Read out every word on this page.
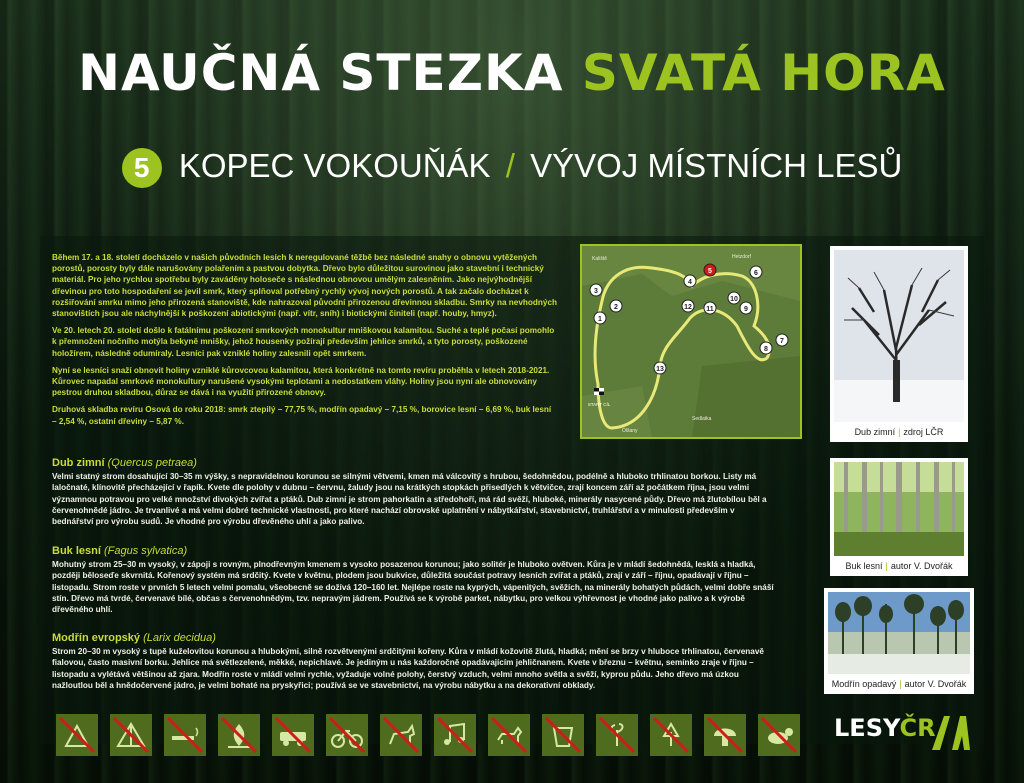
NAUČNÁ STEZKA SVATÁ HORA
5 KOPEC VOKOUŇÁK / VÝVOJ MÍSTNÍCH LESŮ

Během 17. a 18. století docházelo v našich původních lesích k neregulované těžbě bez následné snahy o obnovu vytěžených porostů, porosty byly dále narušovány polařením a pastvou dobytka. Dřevo bylo důležitou surovinou jako stavební i technický materiál. Pro jeho rychlou spotřebu byly zaváděny holoseče s následnou obnovou umělým zalesněním. Jako nejvýhodnější dřevinou pro toto hospodaření se jevil smrk, který splňoval potřebný rychlý vývoj nových porostů. A tak začalo docházet k rozšiřování smrku mimo jeho přirozená stanoviště, kde nahrazoval původní přirozenou dřevinnou skladbu. Smrky na nevhodných stanovištích jsou ale náchylnější k poškození abiotickými (např. vítr, sníh) i biotickými činiteli (např. houby, hmyz).

Ve 20. letech 20. století došlo k fatálnímu poškození smrkových monokultur mniškovou kalamitou. Suché a teplé počasí pomohlo k přemnožení nočního motýla bekyně mnišky, jehož housenky požírají především jehlice smrků, a tyto porosty, poškozené holožírem, následně odumíraly. Lesníci pak vzniklé holiny zalesnili opět smrkem.

Nyní se lesníci snaží obnovit holiny vzniklé kůrovcovou kalamitou, která konkrétně na tomto revíru proběhla v letech 2018-2021. Kůrovec napadal smrkové monokultury narušené vysokými teplotami a nedostatkem vláhy. Holiny jsou nyní ale obnovovány pestrou druhou skladbou, důraz se dává i na využití přirozené obnovy.

Druhová skladba revíru Osová do roku 2018: smrk ztepilý – 77,75 %, modřín opadavý – 7,15 %, borovice lesní – 6,69 %, buk lesní – 2,54 %, ostatní dřeviny – 5,87 %.

1
2
3
4
5	6
7
8
9
10
11
12
13
START CÍL
Kaliště	Hetzdorf
Olšany
Sedlatka
Dub zimní (Quercus petraea)

Velmi statný strom dosahující 30–35 m výšky, s nepravidelnou korunou se silnými větvemi, kmen má válcovitý s hrubou, šedohnědou, podélně a hluboko trhlinatou borkou. Listy má laločnaté, klínovitě přecházející v řapík. Kvete dle polohy v dubnu – červnu, žaludy jsou na krátkých stopkách přisedlých k větvičce, zrají koncem září až počátkem října, jsou velmi významnou potravou pro velké množství divokých zvířat a ptáků. Dub zimní je strom pahorkatin a středohoří, má rád svěží, hluboké, minerály nasycené půdy. Dřevo má žlutobílou běl a červenohnědé jádro. Je trvanlivé a má velmi dobré technické vlastnosti, pro které nachází obrovské uplatnění v nábytkářství, stavebnictví, truhlářství a v minulosti především v bednářství pro výrobu sudů. Je vhodné pro výrobu dřevěného uhlí a jako palivo.

Buk lesní (Fagus sylvatica)

Mohutný strom 25–30 m vysoký, v zápoji s rovným, plnodřevným kmenem s vysoko posazenou korunou; jako solitér je hluboko ovětven. Kůra je v mládí šedohnědá, lesklá a hladká, později běloseďe skvrnitá. Kořenový systém má srdčitý. Kvete v květnu, plodem jsou bukvice, důležitá součást potravy lesních zvířat a ptáků, zrají v září – říjnu, opadávají v říjnu – listopadu. Strom roste v prvních 5 letech velmi pomalu, všeobecně se dožívá 120–160 let. Nejlépe roste na kyprých, vápenitých, svěžích, na minerály bohatých půdách, velmi dobře snáší stín. Dřevo má tvrdé, červenavé bílé, občas s červenohnědým, tzv. nepravým jádrem. Používá se k výrobě parket, nábytku, pro velkou výhřevnost je vhodné jako palivo a k výrobě dřevěného uhlí.

Modřín evropský (Larix decidua)

Strom 20–30 m vysoký s tupě kuželovitou korunou a hlubokými, silně rozvětvenými srdčitými kořeny. Kůra v mládí kožovitě žlutá, hladká; mění se brzy v hluboce trhlinatou, červenavě fialovou, často masivní borku. Jehlice má světlezelené, měkké, nepichlavé. Je jediným u nás každoročně opadávajícím jehličnanem. Kvete v březnu – květnu, semínko zraje v říjnu – listopadu a vylétává většinou až zjara. Modřín roste v mládí velmi rychle, vyžaduje volné polohy, čerstvý vzduch, velmi mnoho světla a svěží, kyprou půdu. Jeho dřevo má úzkou nažloutlou běl a hnědočervené jádro, je velmi bohaté na pryskyřici; používá se ve stavebnictví, na výrobu nábytku a na dekorativní obklady.

Dub zimní | zdroj LČR
Buk lesní | autor V. Dvořák
Modřín opadavý | autor V. Dvořák
LESYČR
